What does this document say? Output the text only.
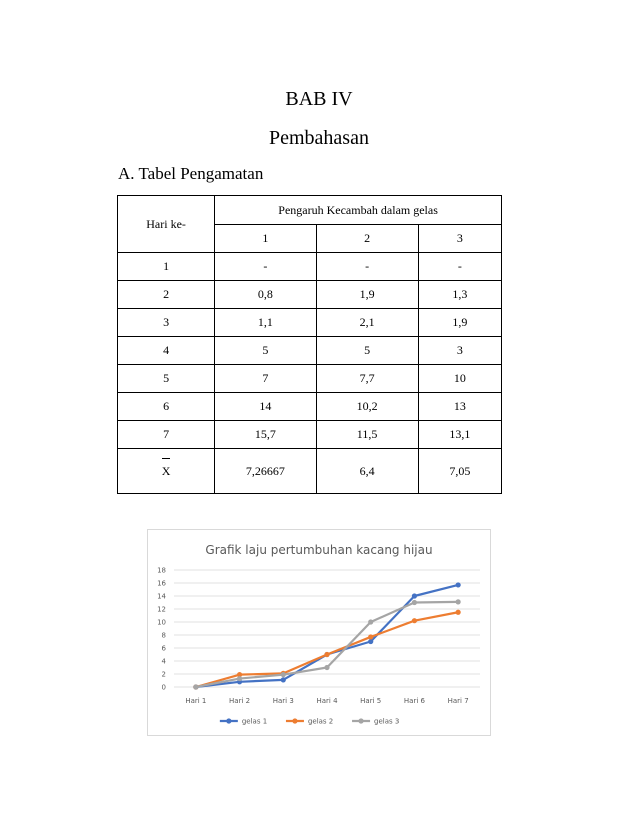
BAB IV
Pembahasan
A. Tabel Pengamatan
Hari ke-	Pengaruh Kecambah dalam gelas		
	1	2	3
1	-	-	-
2	0,8	1,9	1,3
3	1,1	2,1	1,9
4	5	5	3
5	7	7,7	10
6	14	10,2	13
7	15,7	11,5	13,1
X	7,26667	6,4	7,05
Grafik laju pertumbuhan kacang hijau
0
2
4
6
8
10
12
14
16
18
Hari 1	Hari 2	Hari 3	Hari 4	Hari 5	Hari 6	Hari 7
gelas 1	gelas 2	gelas 3
